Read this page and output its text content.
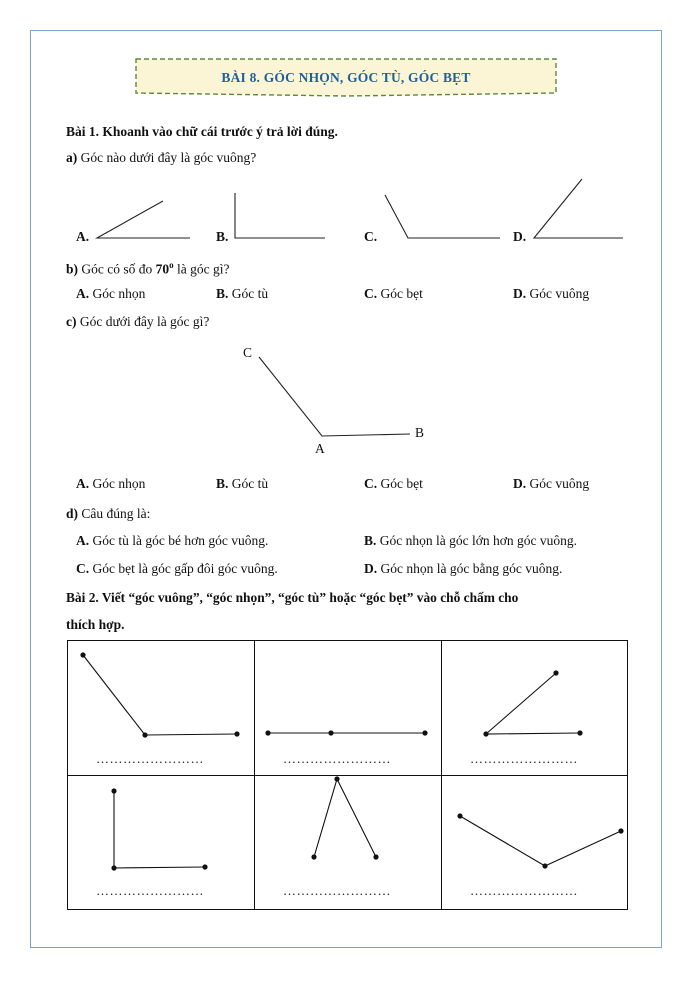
BÀI 8. GÓC NHỌN, GÓC TÙ, GÓC BẸT
Bài 1. Khoanh vào chữ cái trước ý trả lời đúng.
a) Góc nào dưới đây là góc vuông?
A.	B.	C.	D.
b) Góc có số đo 70$^o$ là góc gì?
A. Góc nhọn	B. Góc tù	C. Góc bẹt	D. Góc vuông
c) Góc dưới đây là góc gì?
C
A
B
A. Góc nhọn	B. Góc tù	C. Góc bẹt	D. Góc vuông
d) Câu đúng là:
A. Góc tù là góc bé hơn góc vuông.	B. Góc nhọn là góc lớn hơn góc vuông.
C. Góc bẹt là góc gấp đôi góc vuông.	D. Góc nhọn là góc bằng góc vuông.
Bài 2. Viết “góc vuông”, “góc nhọn”, “góc tù” hoặc “góc bẹt” vào chỗ chấm cho
thích hợp.
……………………	……………………	……………………
……………………	……………………	……………………
